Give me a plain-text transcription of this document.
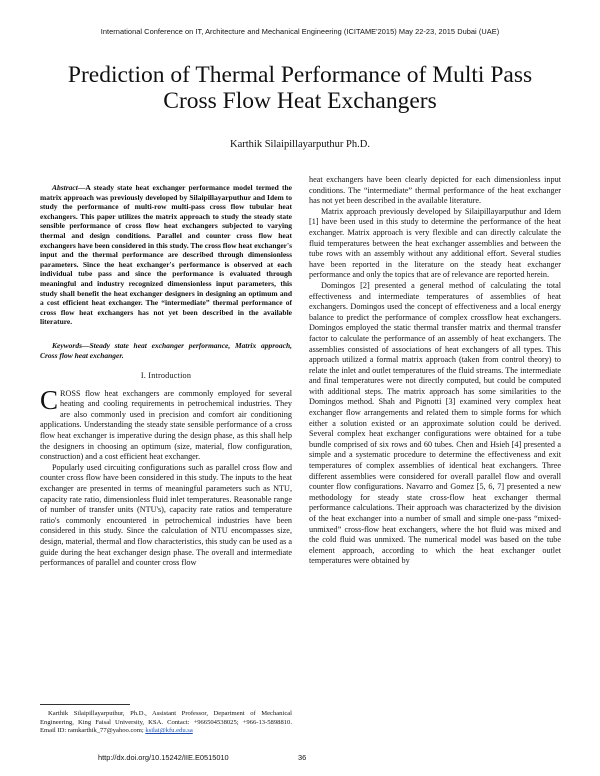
International Conference on IT, Architecture and Mechanical Engineering (ICITAME'2015) May 22-23, 2015 Dubai (UAE)
Prediction of Thermal Performance of Multi Pass Cross Flow Heat Exchangers
Karthik Silaipillayarputhur Ph.D.

Abstract—A steady state heat exchanger performance model termed the matrix approach was previously developed by Silaipillayarputhur and Idem to study the performance of multi-row multi-pass cross flow tubular heat exchangers. This paper utilizes the matrix approach to study the steady state sensible performance of cross flow heat exchangers subjected to varying thermal and design conditions. Parallel and counter cross flow heat exchangers have been considered in this study. The cross flow heat exchanger's input and the thermal performance are described through dimensionless parameters. Since the heat exchanger's performance is observed at each individual tube pass and since the performance is evaluated through meaningful and industry recognized dimensionless input parameters, this study shall benefit the heat exchanger designers in designing an optimum and a cost efficient heat exchanger. The “intermediate” thermal performance of cross flow heat exchangers has not yet been described in the available literature.

Keywords—Steady state heat exchanger performance, Matrix approach, Cross flow heat exchanger.

I. Introduction

CROSS flow heat exchangers are commonly employed for several heating and cooling requirements in petrochemical industries. They are also commonly used in precision and comfort air conditioning applications. Understanding the steady state sensible performance of a cross flow heat exchanger is imperative during the design phase, as this shall help the designers in choosing an optimum (size, material, flow configuration, construction) and a cost efficient heat exchanger.

Popularly used circuiting configurations such as parallel cross flow and counter cross flow have been considered in this study. The inputs to the heat exchanger are presented in terms of meaningful parameters such as NTU, capacity rate ratio, dimensionless fluid inlet temperatures. Reasonable range of number of transfer units (NTU's), capacity rate ratios and temperature ratio's commonly encountered in petrochemical industries have been considered in this study. Since the calculation of NTU encompasses size, design, material, thermal and flow characteristics, this study can be used as a guide during the heat exchanger design phase. The overall and intermediate performances of parallel and counter cross flow

Karthik Silaipillayarputhur, Ph.D., Assistant Professor, Department of Mechanical Engineering, King Faisal University, KSA. Contact: +966504538025; +966-13-5898810. Email ID: ramkarthik_77@yahoo.com; ksilai@kfu.edu.sa

heat exchangers have been clearly depicted for each dimensionless input conditions. The “intermediate” thermal performance of the heat exchanger has not yet been described in the available literature.

Matrix approach previously developed by Silaipillayarputhur and Idem [1] have been used in this study to determine the performance of the heat exchanger. Matrix approach is very flexible and can directly calculate the fluid temperatures between the heat exchanger assemblies and between the tube rows with an assembly without any additional effort. Several studies have been reported in the literature on the steady heat exchanger performance and only the topics that are of relevance are reported herein.

Domingos [2] presented a general method of calculating the total effectiveness and intermediate temperatures of assemblies of heat exchangers. Domingos used the concept of effectiveness and a local energy balance to predict the performance of complex crossflow heat exchangers. Domingos employed the static thermal transfer matrix and thermal transfer factor to calculate the performance of an assembly of heat exchangers. The assemblies consisted of associations of heat exchangers of all types. This approach utilized a formal matrix approach (taken from control theory) to relate the inlet and outlet temperatures of the fluid streams. The intermediate and final temperatures were not directly computed, but could be computed with additional steps. The matrix approach has some similarities to the Domingos method. Shah and Pignotti [3] examined very complex heat exchanger flow arrangements and related them to simple forms for which either a solution existed or an approximate solution could be derived. Several complex heat exchanger configurations were obtained for a tube bundle comprised of six rows and 60 tubes. Chen and Hsieh [4] presented a simple and a systematic procedure to determine the effectiveness and exit temperatures of complex assemblies of identical heat exchangers. Three different assemblies were considered for overall parallel flow and overall counter flow configurations. Navarro and Gomez [5, 6, 7] presented a new methodology for steady state cross-flow heat exchanger thermal performance calculations. Their approach was characterized by the division of the heat exchanger into a number of small and simple one-pass “mixed-unmixed” cross-flow heat exchangers, where the hot fluid was mixed and the cold fluid was unmixed. The numerical model was based on the tube element approach, according to which the heat exchanger outlet temperatures were obtained by

http://dx.doi.org/10.15242/IIE.E0515010	36
